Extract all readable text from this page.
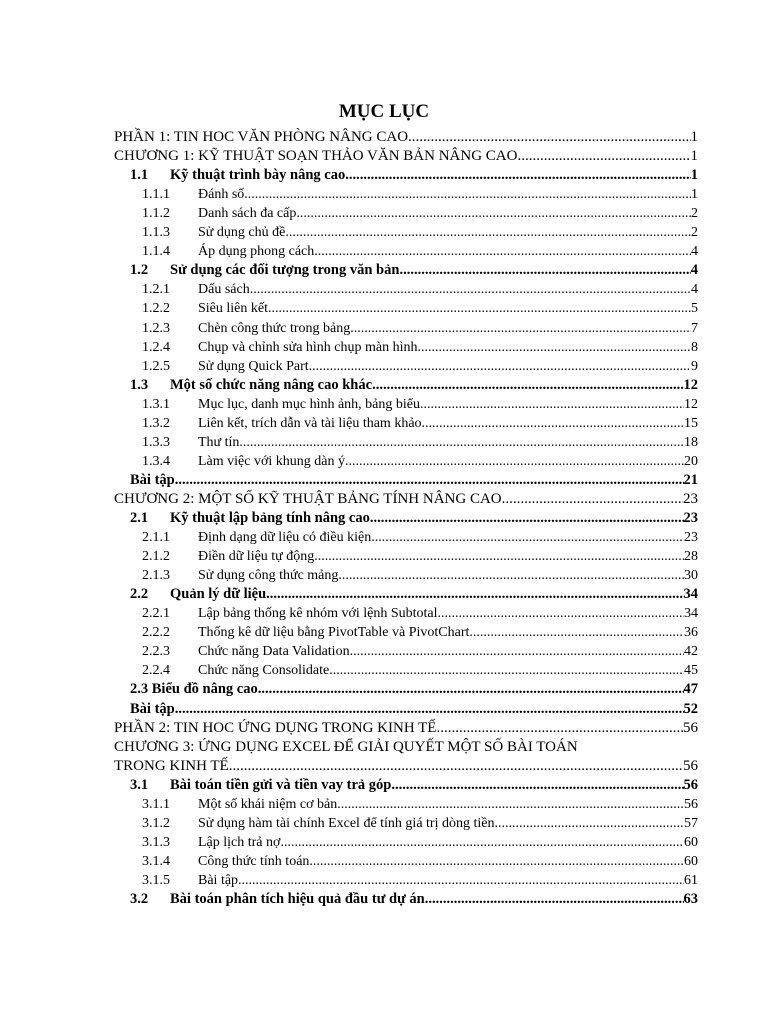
MỤC LỤC
PHẦN 1: TIN HOC VĂN PHÒNG NÂNG CAO .....	1
CHƯƠNG 1: KỸ THUẬT SOẠN THẢO VĂN BẢN NÂNG CAO .....	1
1.1	Kỹ thuật trình bày nâng cao .....	1
1.1.1	Đánh số .....	1
1.1.2	Danh sách đa cấp .....	2
1.1.3	Sử dụng chủ đề .....	2
1.1.4	Áp dụng phong cách .....	4
1.2	Sử dụng các đối tượng trong văn bản .....	4
1.2.1	Dấu sách .....	4
1.2.2	Siêu liên kết .....	5
1.2.3	Chèn công thức trong bảng .....	7
1.2.4	Chụp và chỉnh sửa hình chụp màn hình .....	8
1.2.5	Sử dụng Quick Part .....	9
1.3	Một số chức năng nâng cao khác .....	12
1.3.1	Mục lục, danh mục hình ảnh, bảng biểu .....	12
1.3.2	Liên kết, trích dẫn và tài liệu tham khảo .....	15
1.3.3	Thư tín .....	18
1.3.4	Làm việc với khung dàn ý .....	20
Bài tập .....	21
CHƯƠNG 2: MỘT SỐ KỸ THUẬT BẢNG TÍNH NÂNG CAO .....	23
2.1	Kỹ thuật lập bảng tính nâng cao .....	23
2.1.1	Định dạng dữ liệu có điều kiện .....	23
2.1.2	Điền dữ liệu tự động .....	28
2.1.3	Sử dụng công thức mảng .....	30
2.2	Quản lý dữ liệu .....	34
2.2.1	Lập bảng thống kê nhóm với lệnh Subtotal .....	34
2.2.2	Thống kê dữ liệu bằng PivotTable và PivotChart .....	36
2.2.3	Chức năng Data Validation .....	42
2.2.4	Chức năng Consolidate .....	45
2.3 Biểu đồ nâng cao .....	47
Bài tập .....	52
PHẦN 2: TIN HOC ỨNG DỤNG TRONG KINH TẾ .....	56
CHƯƠNG 3: ỨNG DỤNG EXCEL ĐỂ GIẢI QUYẾT MỘT SỐ BÀI TOÁN
TRONG KINH TẾ .....	56
3.1	Bài toán tiền gửi và tiền vay trả góp .....	56
3.1.1	Một số khái niệm cơ bản .....	56
3.1.2	Sử dụng hàm tài chính Excel để tính giá trị dòng tiền .....	57
3.1.3	Lập lịch trả nợ .....	60
3.1.4	Công thức tính toán .....	60
3.1.5	Bài tập .....	61
3.2	Bài toán phân tích hiệu quả đầu tư dự án .....	63
